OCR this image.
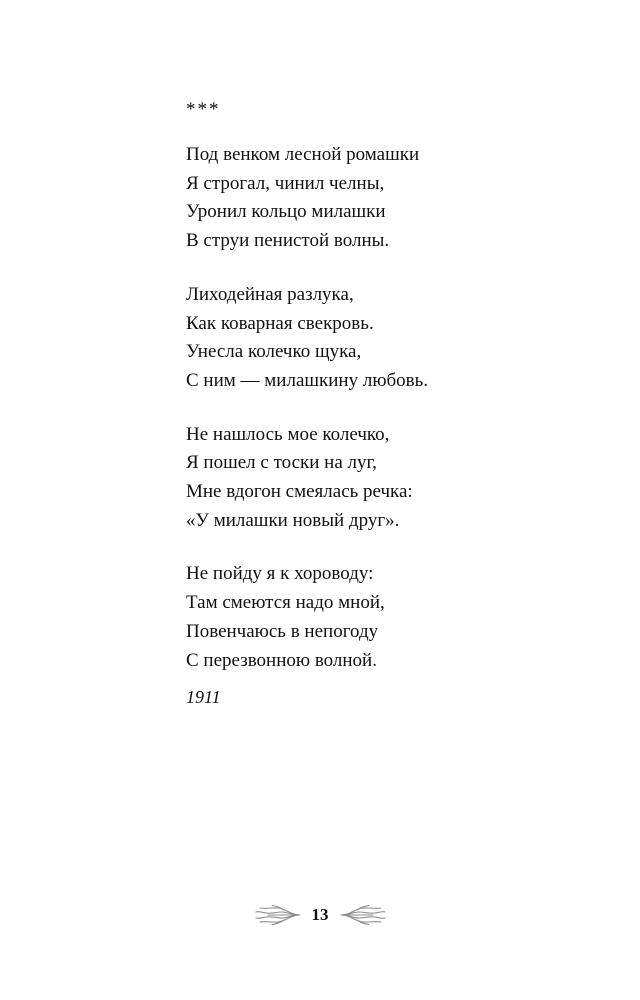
***
Под венком лесной ромашки
Я строгал, чинил челны,
Уронил кольцо милашки
В струи пенистой волны.
Лиходейная разлука,
Как коварная свекровь.
Унесла колечко щука,
С ним — милашкину любовь.
Не нашлось мое колечко,
Я пошел с тоски на луг,
Мне вдогон смеялась речка:
«У милашки новый друг».
Не пойду я к хороводу:
Там смеются надо мной,
Повенчаюсь в непогоду
С перезвонною волной.
1911
13
